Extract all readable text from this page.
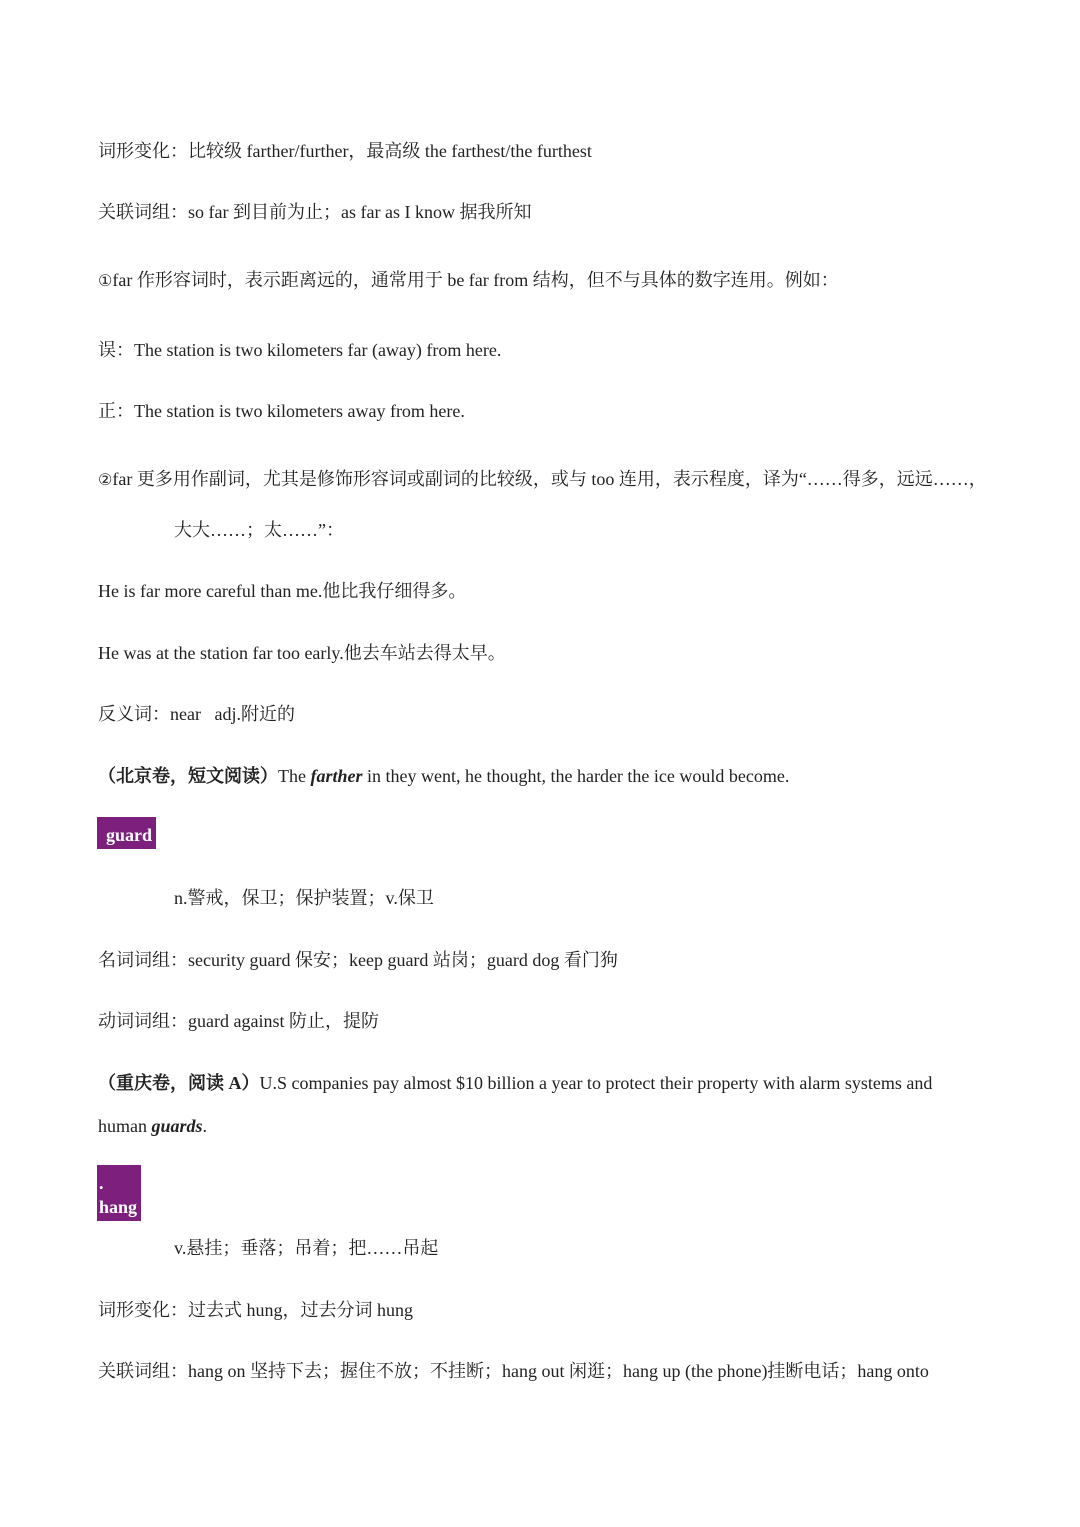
词形变化：比较级 farther/further，最高级 the farthest/the furthest
关联词组：so far 到目前为止；as far as I know 据我所知
①far 作形容词时，表示距离远的，通常用于 be far from 结构，但不与具体的数字连用。例如：
误：The station is two kilometers far (away) from here.
正：The station is two kilometers away from here.
②far 更多用作副词，尤其是修饰形容词或副词的比较级，或与 too 连用，表示程度，译为“……得多，远远……，
大大……；太……”：
He is far more careful than me.他比我仔细得多。
He was at the station far too early.他去车站去得太早。
反义词：near   adj.附近的
（北京卷，短文阅读）The farther in they went, he thought, the harder the ice would become.
guard
n.警戒，保卫；保护装置；v.保卫
名词词组：security guard 保安；keep guard 站岗；guard dog 看门狗
动词词组：guard against 防止，提防
（重庆卷，阅读 A）U.S companies pay almost $10 billion a year to protect their property with alarm systems and
human guards.
. hang
v.悬挂；垂落；吊着；把……吊起
词形变化：过去式 hung，过去分词 hung
关联词组：hang on 坚持下去；握住不放；不挂断；hang out 闲逛；hang up (the phone)挂断电话；hang onto
